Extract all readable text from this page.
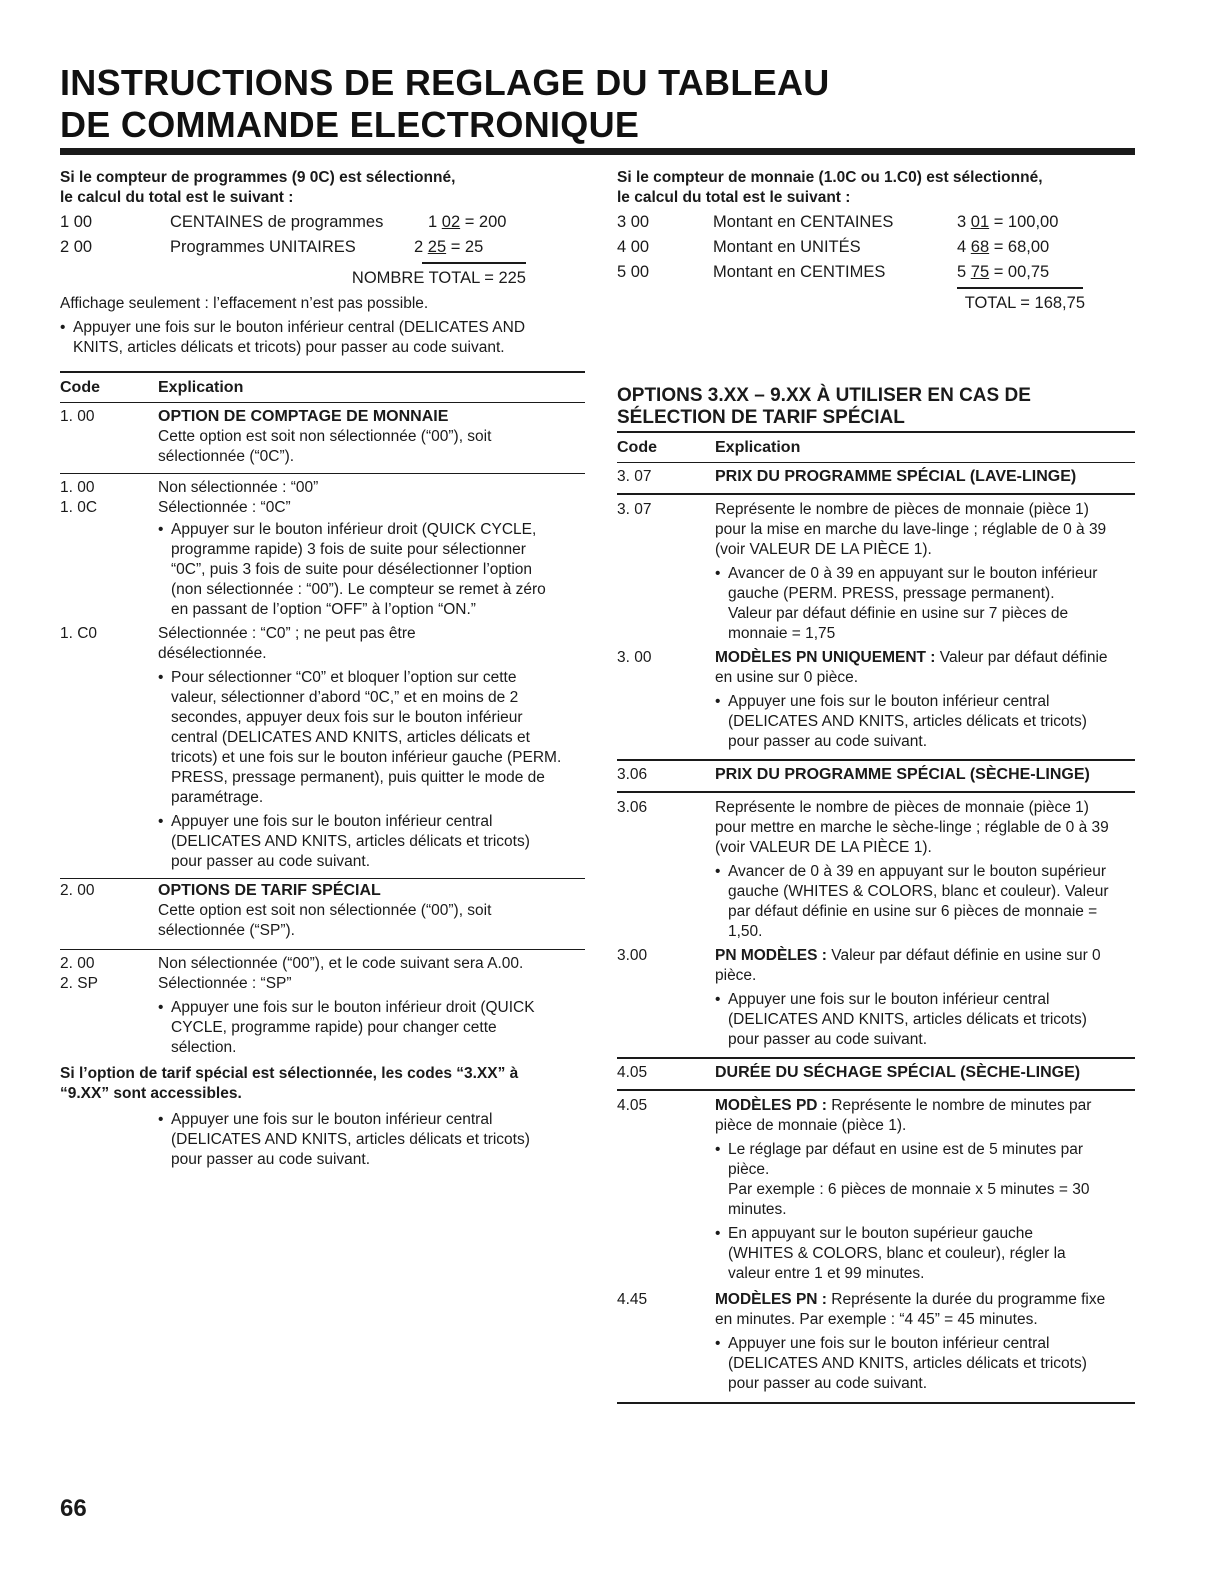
INSTRUCTIONS DE REGLAGE DU TABLEAU
DE COMMANDE ELECTRONIQUE
Si le compteur de programmes (9 0C) est sélectionné,
le calcul du total est le suivant :
1 00	CENTAINES de programmes	1 02 = 200
2 00	Programmes UNITAIRES	2 25 = 25
NOMBRE TOTAL = 225
Affichage seulement : l’effacement n’est pas possible.
• Appuyer une fois sur le bouton inférieur central (DELICATES AND KNITS, articles délicats et tricots) pour passer au code suivant.
Code	Explication
1. 00	OPTION DE COMPTAGE DE MONNAIE
Cette option est soit non sélectionnée (“00”), soit sélectionnée (“0C”).
1. 00	Non sélectionnée : “00”
1. 0C	Sélectionnée : “0C”
• Appuyer sur le bouton inférieur droit (QUICK CYCLE, programme rapide) 3 fois de suite pour sélectionner “0C”, puis 3 fois de suite pour désélectionner l’option (non sélectionnée : “00”). Le compteur se remet à zéro en passant de l’option “OFF” à l’option “ON.”
1. C0	Sélectionnée : “C0” ; ne peut pas être désélectionnée.
• Pour sélectionner “C0” et bloquer l’option sur cette valeur, sélectionner d’abord “0C,” et en moins de 2 secondes, appuyer deux fois sur le bouton inférieur central (DELICATES AND KNITS, articles délicats et tricots) et une fois sur le bouton inférieur gauche (PERM. PRESS, pressage permanent), puis quitter le mode de paramétrage.
• Appuyer une fois sur le bouton inférieur central (DELICATES AND KNITS, articles délicats et tricots) pour passer au code suivant.
2. 00	OPTIONS DE TARIF SPÉCIAL
Cette option est soit non sélectionnée (“00”), soit sélectionnée (“SP”).
2. 00	Non sélectionnée (“00”), et le code suivant sera A.00.
2. SP	Sélectionnée : “SP”
• Appuyer une fois sur le bouton inférieur droit (QUICK CYCLE, programme rapide) pour changer cette sélection.
Si l’option de tarif spécial est sélectionnée, les codes “3.XX” à “9.XX” sont accessibles.
• Appuyer une fois sur le bouton inférieur central (DELICATES AND KNITS, articles délicats et tricots) pour passer au code suivant.
Si le compteur de monnaie (1.0C ou 1.C0) est sélectionné,
le calcul du total est le suivant :
3 00	Montant en CENTAINES	3 01 = 100,00
4 00	Montant en UNITÉS	4 68 = 68,00
5 00	Montant en CENTIMES	5 75 = 00,75
TOTAL = 168,75
OPTIONS 3.XX – 9.XX À UTILISER EN CAS DE
SÉLECTION DE TARIF SPÉCIAL
Code	Explication
3. 07	PRIX DU PROGRAMME SPÉCIAL (LAVE-LINGE)
3. 07	Représente le nombre de pièces de monnaie (pièce 1) pour la mise en marche du lave-linge ; réglable de 0 à 39 (voir VALEUR DE LA PIÈCE 1).
• Avancer de 0 à 39 en appuyant sur le bouton inférieur gauche (PERM. PRESS, pressage permanent). Valeur par défaut définie en usine sur 7 pièces de monnaie = 1,75
3. 00	MODÈLES PN UNIQUEMENT : Valeur par défaut définie en usine sur 0 pièce.
• Appuyer une fois sur le bouton inférieur central (DELICATES AND KNITS, articles délicats et tricots) pour passer au code suivant.
3.06	PRIX DU PROGRAMME SPÉCIAL (SÈCHE-LINGE)
3.06	Représente le nombre de pièces de monnaie (pièce 1) pour mettre en marche le sèche-linge ; réglable de 0 à 39 (voir VALEUR DE LA PIÈCE 1).
• Avancer de 0 à 39 en appuyant sur le bouton supérieur gauche (WHITES & COLORS, blanc et couleur). Valeur par défaut définie en usine sur 6 pièces de monnaie = 1,50.
3.00	PN MODÈLES : Valeur par défaut définie en usine sur 0 pièce.
• Appuyer une fois sur le bouton inférieur central (DELICATES AND KNITS, articles délicats et tricots) pour passer au code suivant.
4.05	DURÉE DU SÉCHAGE SPÉCIAL (SÈCHE-LINGE)
4.05	MODÈLES PD : Représente le nombre de minutes par pièce de monnaie (pièce 1).
• Le réglage par défaut en usine est de 5 minutes par pièce.
Par exemple : 6 pièces de monnaie x 5 minutes = 30 minutes.
• En appuyant sur le bouton supérieur gauche (WHITES & COLORS, blanc et couleur), régler la valeur entre 1 et 99 minutes.
4.45	MODÈLES PN : Représente la durée du programme fixe en minutes. Par exemple : “4 45” = 45 minutes.
• Appuyer une fois sur le bouton inférieur central (DELICATES AND KNITS, articles délicats et tricots) pour passer au code suivant.
66
